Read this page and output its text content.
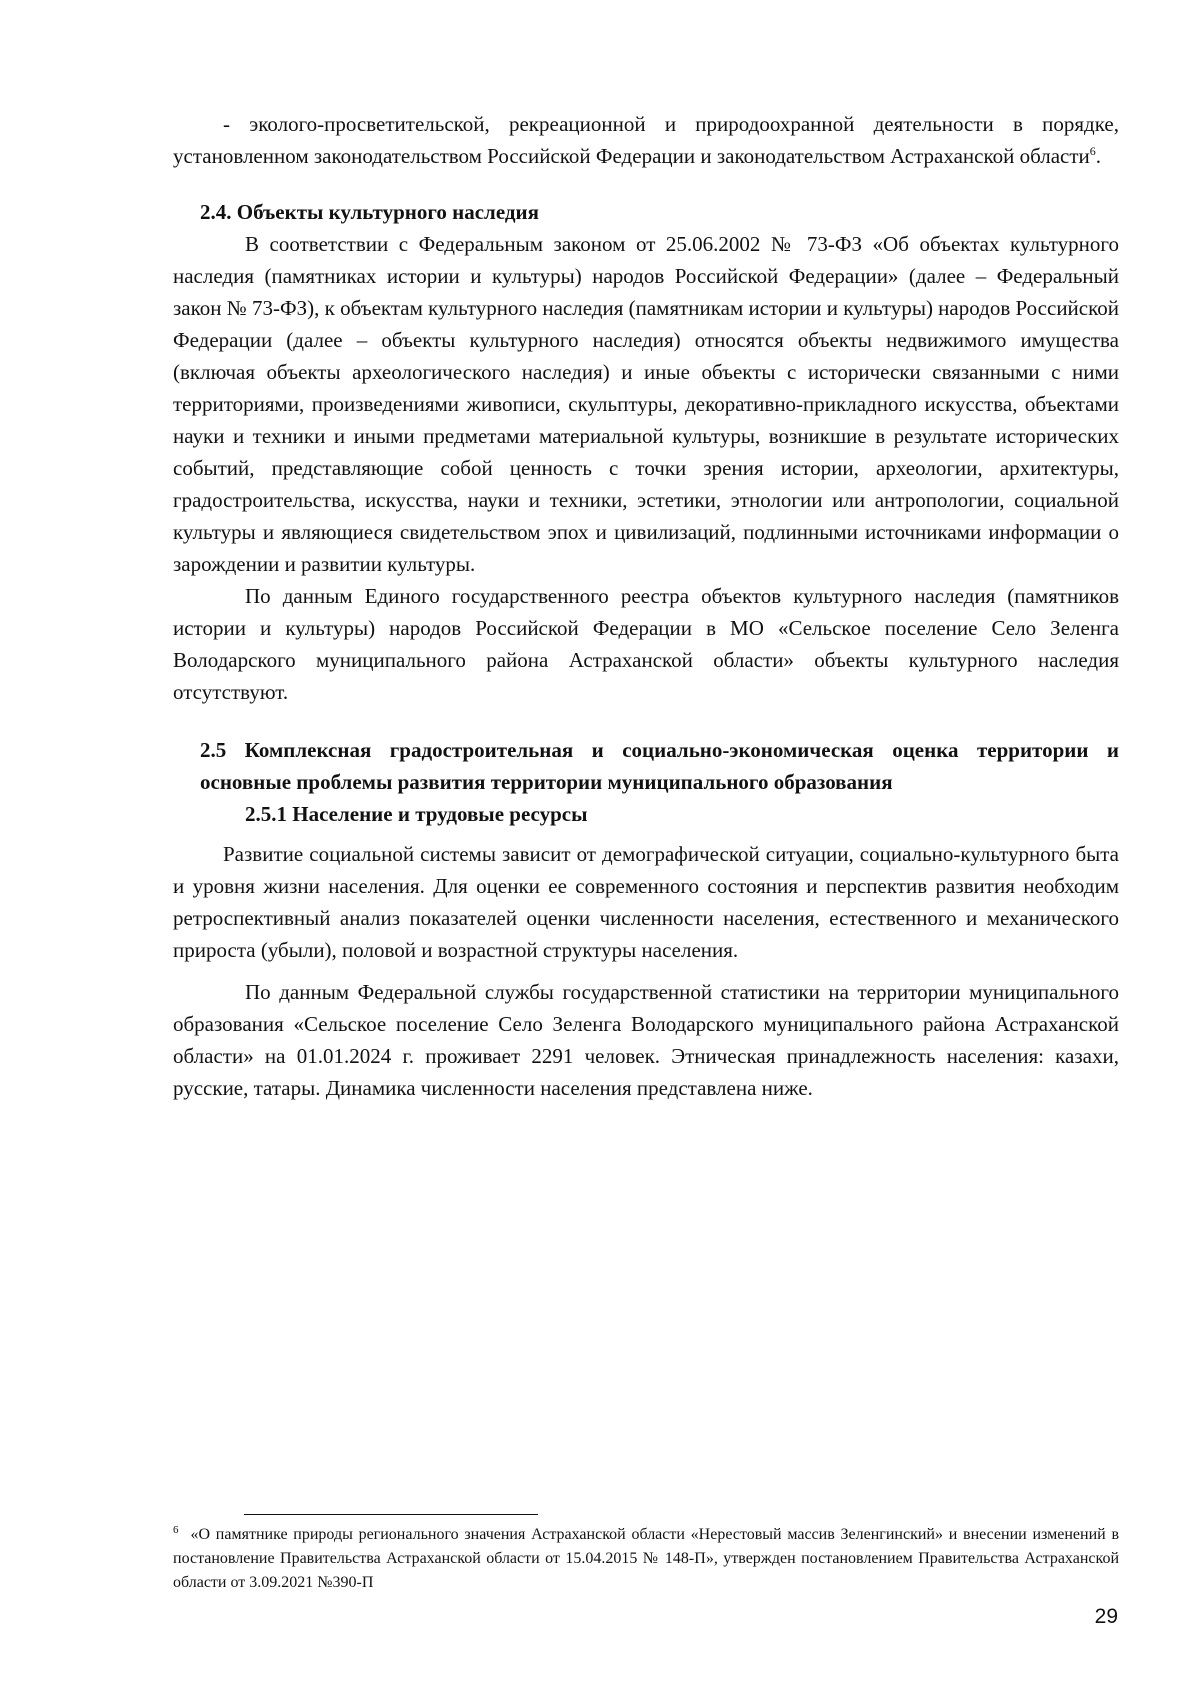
- эколого-просветительской, рекреационной и природоохранной деятельности в порядке, установленном законодательством Российской Федерации и законодательством Астраханской области$^6$.

2.4. Объекты культурного наследия

В соответствии с Федеральным законом от 25.06.2002 № 73-ФЗ «Об объектах культурного наследия (памятниках истории и культуры) народов Российской Федерации» (далее – Федеральный закон № 73-ФЗ), к объектам культурного наследия (памятникам истории и культуры) народов Российской Федерации (далее – объекты культурного наследия) относятся объекты недвижимого имущества (включая объекты археологического наследия) и иные объекты с исторически связанными с ними территориями, произведениями живописи, скульптуры, декоративно-прикладного искусства, объектами науки и техники и иными предметами материальной культуры, возникшие в результате исторических событий, представляющие собой ценность с точки зрения истории, археологии, архитектуры, градостроительства, искусства, науки и техники, эстетики, этнологии или антропологии, социальной культуры и являющиеся свидетельством эпох и цивилизаций, подлинными источниками информации о зарождении и развитии культуры.

По данным Единого государственного реестра объектов культурного наследия (памятников истории и культуры) народов Российской Федерации в МО «Сельское поселение Село Зеленга Володарского муниципального района Астраханской области» объекты культурного наследия отсутствуют.

2.5 Комплексная градостроительная и социально-экономическая оценка территории и основные проблемы развития территории муниципального образования
2.5.1 Население и трудовые ресурсы

Развитие социальной системы зависит от демографической ситуации, социально-культурного быта и уровня жизни населения. Для оценки ее современного состояния и перспектив развития необходим ретроспективный анализ показателей оценки численности населения, естественного и механического прироста (убыли), половой и возрастной структуры населения.

По данным Федеральной службы государственной статистики на территории муниципального образования «Сельское поселение Село Зеленга Володарского муниципального района Астраханской области» на 01.01.2024 г. проживает 2291 человек. Этническая принадлежность населения: казахи, русские, татары. Динамика численности населения представлена ниже.

$^6$ «О памятнике природы регионального значения Астраханской области «Нерестовый массив Зеленгинский» и внесении изменений в постановление Правительства Астраханской области от 15.04.2015 № 148-П», утвержден постановлением Правительства Астраханской области от 3.09.2021 №390-П
29
